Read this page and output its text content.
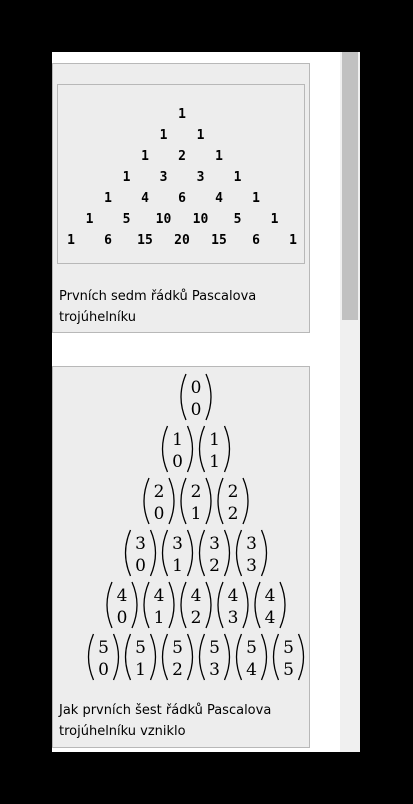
1
1 1
1 2 1
1 3 3 1
1 4 6 4 1
1 5 10 10 5 1
1 6 15 20 15 6 1
Prvních sedm řádků Pascalova trojúhelníku
0
0
1
0
1
1
2
0
2
1
2
2
3
0
3
1
3
2
3
3
4
0
4
1
4
2
4
3
4
4
5
0
5
1
5
2
5
3
5
4
5
5
Jak prvních šest řádků Pascalova trojúhelníku vzniklo
